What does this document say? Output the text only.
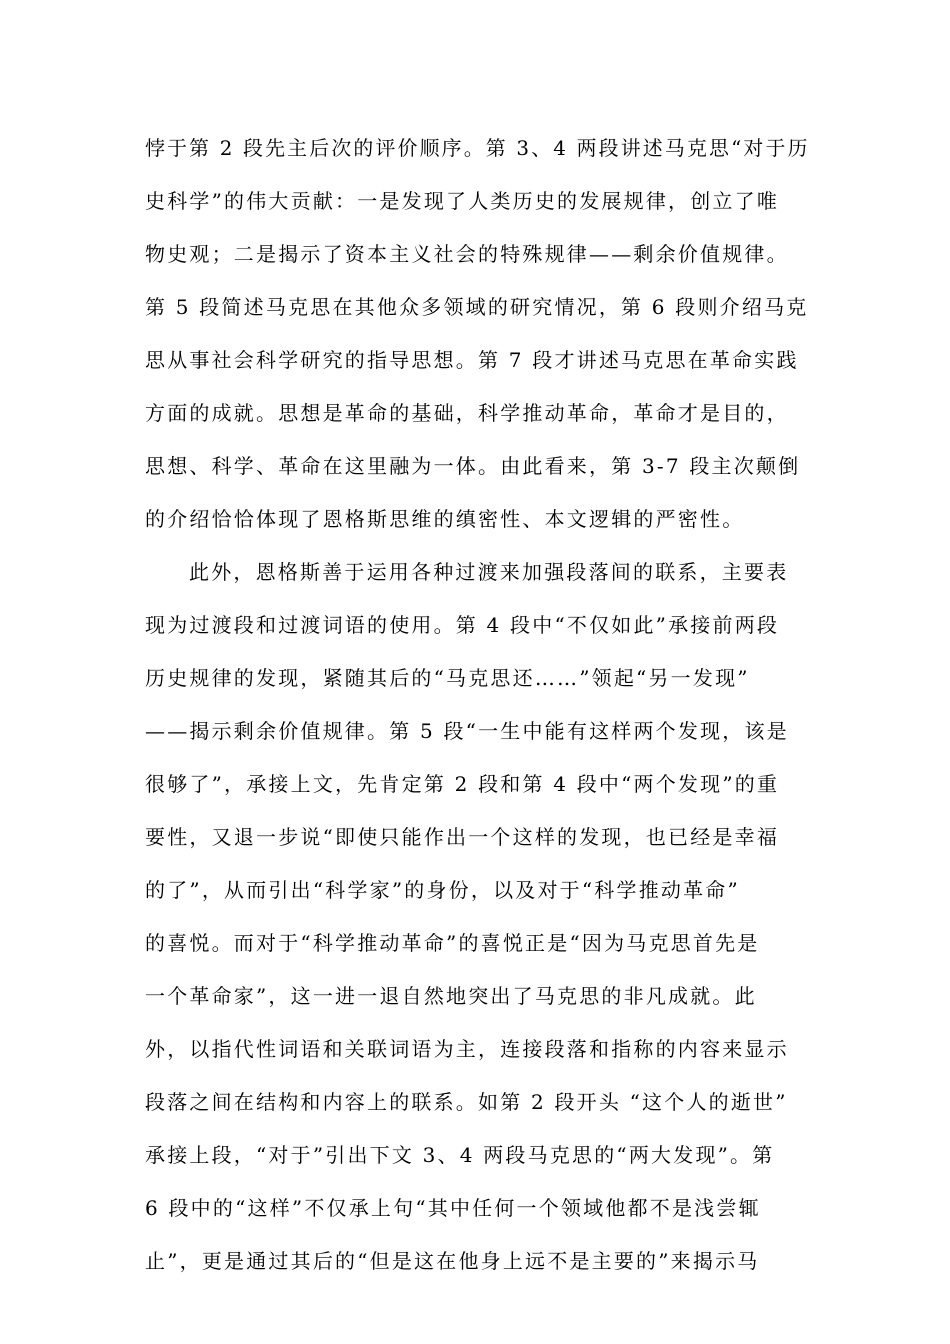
悖于第 2 段先主后次的评价顺序。第 3、4 两段讲述马克思“对于历
史科学”的伟大贡献：一是发现了人类历史的发展规律，创立了唯
物史观；二是揭示了资本主义社会的特殊规律——剩余价值规律。
第 5 段简述马克思在其他众多领域的研究情况，第 6 段则介绍马克
思从事社会科学研究的指导思想。第 7 段才讲述马克思在革命实践
方面的成就。思想是革命的基础，科学推动革命，革命才是目的，
思想、科学、革命在这里融为一体。由此看来，第 3-7 段主次颠倒
的介绍恰恰体现了恩格斯思维的缜密性、本文逻辑的严密性。
此外，恩格斯善于运用各种过渡来加强段落间的联系，主要表
现为过渡段和过渡词语的使用。第 4 段中“不仅如此”承接前两段
历史规律的发现，紧随其后的“马克思还……”领起“另一发现”
——揭示剩余价值规律。第 5 段“一生中能有这样两个发现，该是
很够了”，承接上文，先肯定第 2 段和第 4 段中“两个发现”的重
要性，又退一步说“即使只能作出一个这样的发现，也已经是幸福
的了”，从而引出“科学家”的身份，以及对于“科学推动革命”
的喜悦。而对于“科学推动革命”的喜悦正是“因为马克思首先是
一个革命家”，这一进一退自然地突出了马克思的非凡成就。此
外，以指代性词语和关联词语为主，连接段落和指称的内容来显示
段落之间在结构和内容上的联系。如第 2 段开头 “这个人的逝世”
承接上段，“对于”引出下文 3、4 两段马克思的“两大发现”。第
6 段中的“这样”不仅承上句“其中任何一个领域他都不是浅尝辄
止”，更是通过其后的“但是这在他身上远不是主要的”来揭示马
